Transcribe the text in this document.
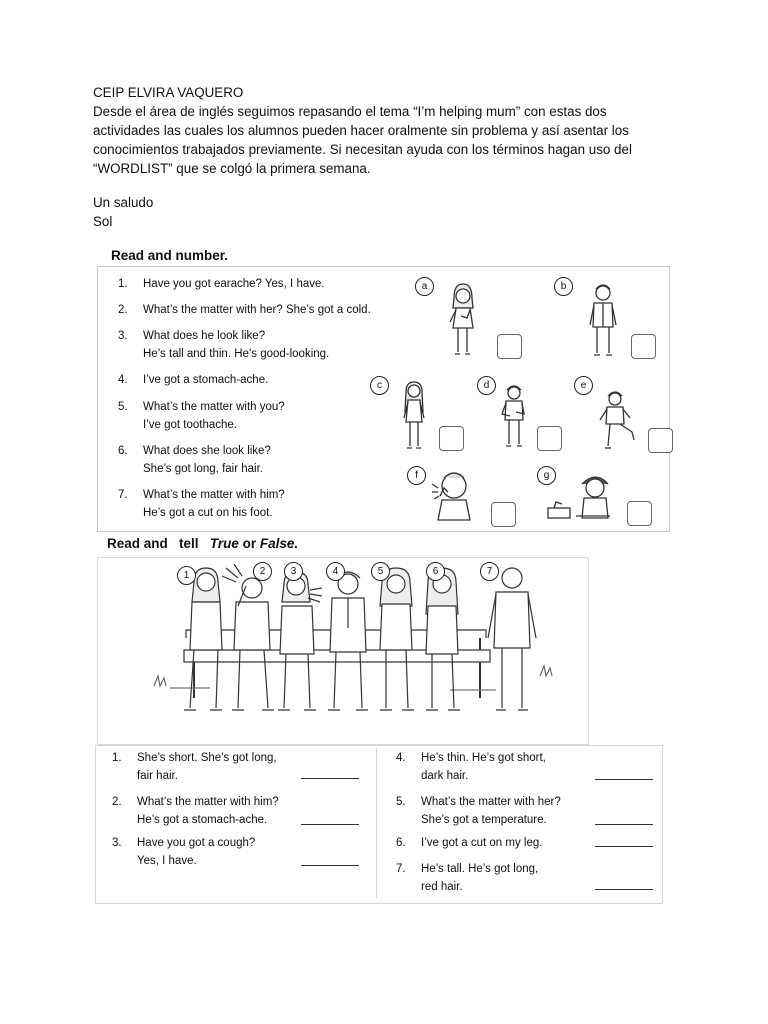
CEIP ELVIRA VAQUERO

Desde el área de inglés seguimos repasando el tema “I’m helping mum” con estas dos

actividades las cuales los alumnos pueden hacer oralmente sin problema y así asentar los

conocimientos trabajados previamente. Si necesitan ayuda con los términos hagan uso del

“WORDLIST” que se colgó la primera semana.

Un saludo

Sol

Read and number.
1. Have you got earache? Yes, I have.
2. What’s the matter with her? She’s got a cold.
3. What does he look like?
He’s tall and thin. He’s good-looking.
4. I’ve got a stomach-ache.
5. What’s the matter with you?
I’ve got toothache.
6. What does she look like?
She’s got long, fair hair.
7. What’s the matter with him?
He’s got a cut on his foot.
a	b
c	d	e
f	g
Read and tell True or False.
1	2	3	4	5	6	7
1. She’s short. She’s got long,
fair hair.
2. What’s the matter with him?
He’s got a stomach-ache.
3. Have you got a cough?
Yes, I have.
4. He’s thin. He’s got short,
dark hair.
5. What’s the matter with her?
She’s got a temperature.
6. I’ve got a cut on my leg.
7. He’s tall. He’s got long,
red hair.
